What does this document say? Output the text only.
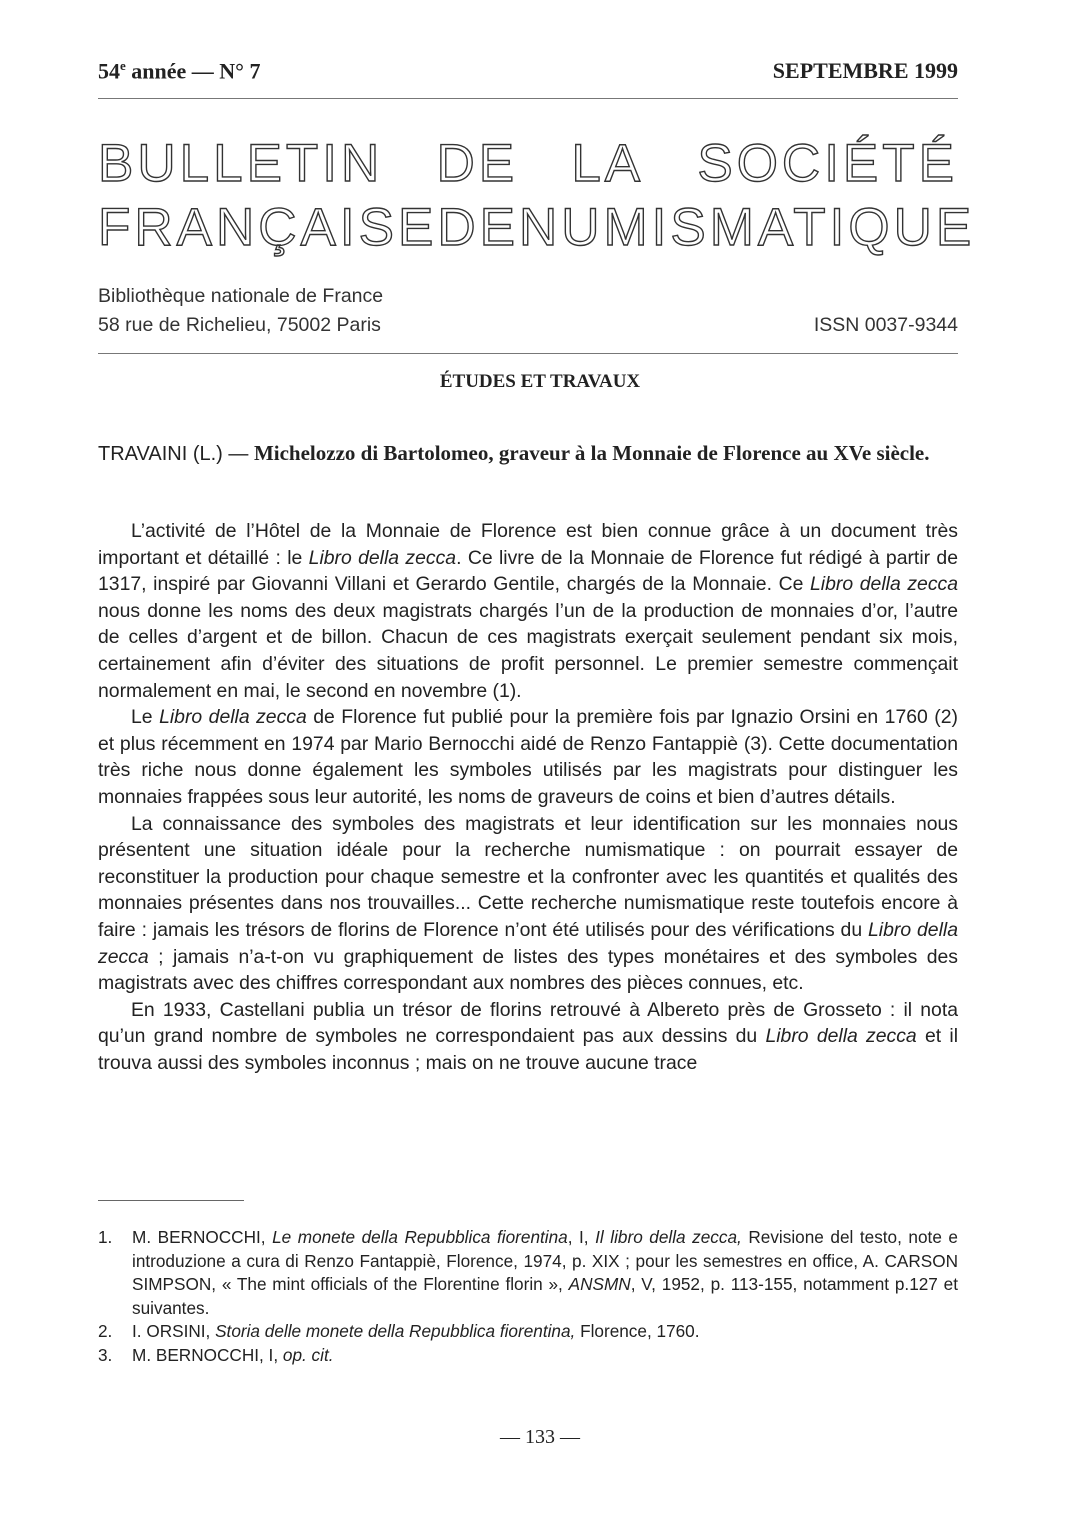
54e année — N° 7	SEPTEMBRE 1999
BULLETIN DE LA SOCIÉTÉ
FRANÇAISE DE NUMISMATIQUE
Bibliothèque nationale de France
58 rue de Richelieu, 75002 Paris	ISSN 0037-9344
ÉTUDES ET TRAVAUX
TRAVAINI (L.) — Michelozzo di Bartolomeo, graveur à la Monnaie de Florence au XVe siècle.

L’activité de l’Hôtel de la Monnaie de Florence est bien connue grâce à un document très important et détaillé : le Libro della zecca. Ce livre de la Monnaie de Florence fut rédigé à partir de 1317, inspiré par Giovanni Villani et Gerardo Gentile, chargés de la Monnaie. Ce Libro della zecca nous donne les noms des deux magistrats chargés l’un de la production de monnaies d’or, l’autre de celles d’argent et de billon. Chacun de ces magistrats exerçait seulement pendant six mois, certainement afin d’éviter des situations de profit personnel. Le premier semestre commençait normalement en mai, le second en novembre (1).

Le Libro della zecca de Florence fut publié pour la première fois par Ignazio Orsini en 1760 (2) et plus récemment en 1974 par Mario Bernocchi aidé de Renzo Fantappiè (3). Cette documentation très riche nous donne également les symboles utilisés par les magistrats pour distinguer les monnaies frappées sous leur autorité, les noms de graveurs de coins et bien d’autres détails.

La connaissance des symboles des magistrats et leur identification sur les monnaies nous présentent une situation idéale pour la recherche numismatique : on pourrait essayer de reconstituer la production pour chaque semestre et la confronter avec les quantités et qualités des monnaies présentes dans nos trouvailles... Cette recherche numismatique reste toutefois encore à faire : jamais les trésors de florins de Florence n’ont été utilisés pour des vérifications du Libro della zecca ; jamais n’a-t-on vu graphiquement de listes des types monétaires et des symboles des magistrats avec des chiffres correspondant aux nombres des pièces connues, etc.

En 1933, Castellani publia un trésor de florins retrouvé à Albereto près de Grosseto : il nota qu’un grand nombre de symboles ne correspondaient pas aux dessins du Libro della zecca et il trouva aussi des symboles inconnus ; mais on ne trouve aucune trace

1.	M. BERNOCCHI, Le monete della Repubblica fiorentina, I, Il libro della zecca, Revisione del testo, note e introduzione a cura di Renzo Fantappiè, Florence, 1974, p. XIX ; pour les semestres en office, A. CARSON SIMPSON, « The mint officials of the Florentine florin », ANSMN, V, 1952, p. 113-155, notamment p.127 et suivantes.
2.	I. ORSINI, Storia delle monete della Repubblica fiorentina, Florence, 1760.
3.	M. BERNOCCHI, I, op. cit.
— 133 —
